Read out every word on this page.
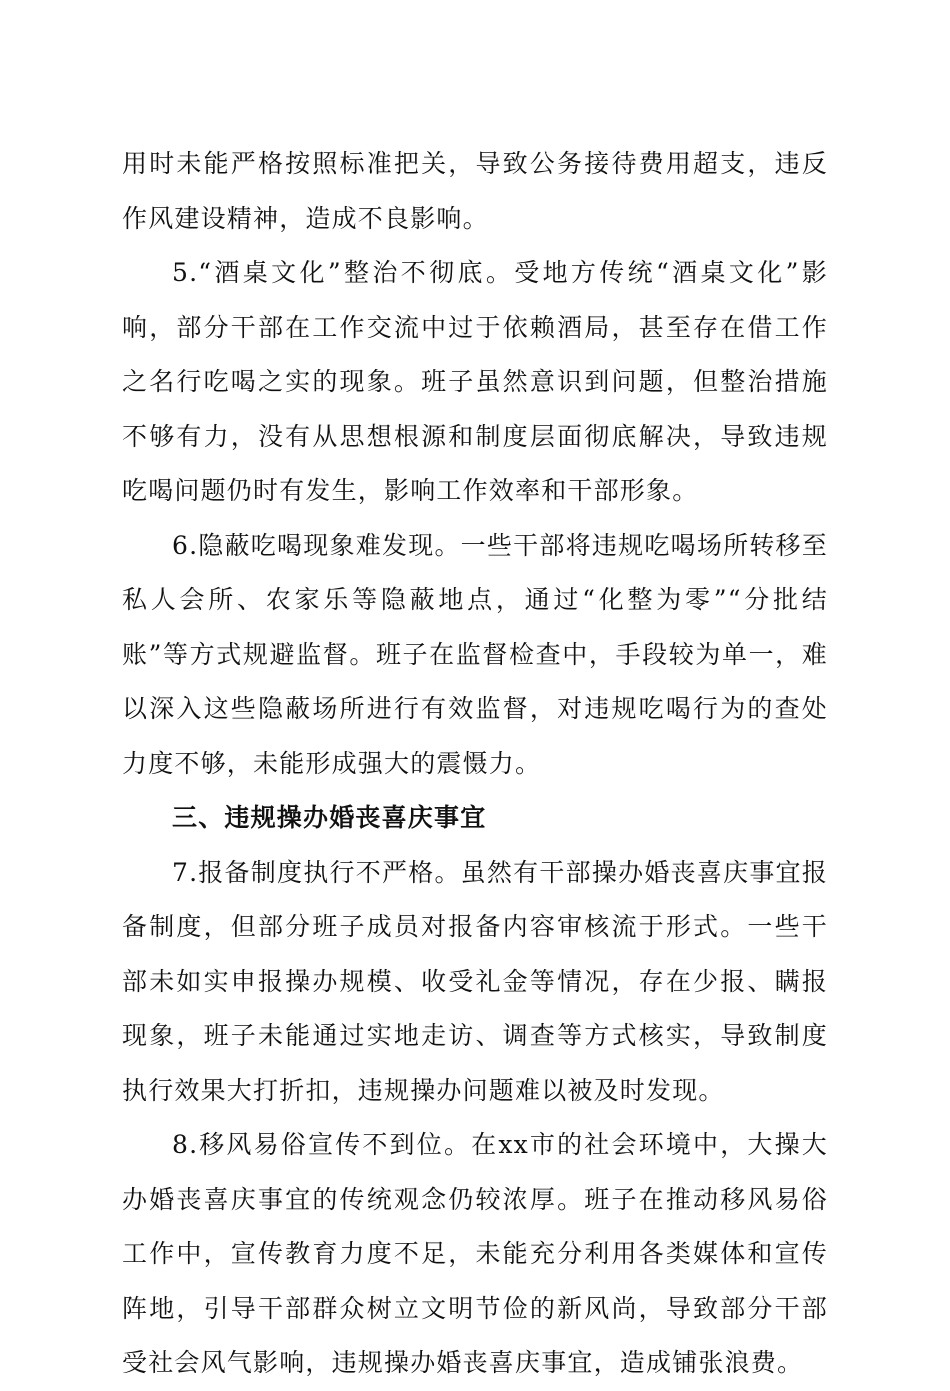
用时未能严格按照标准把关，导致公务接待费用超支，违反作风建设精神，造成不良影响。

5.“酒桌文化”整治不彻底。受地方传统“酒桌文化”影响，部分干部在工作交流中过于依赖酒局，甚至存在借工作之名行吃喝之实的现象。班子虽然意识到问题，但整治措施不够有力，没有从思想根源和制度层面彻底解决，导致违规吃喝问题仍时有发生，影响工作效率和干部形象。

6.隐蔽吃喝现象难发现。一些干部将违规吃喝场所转移至私人会所、农家乐等隐蔽地点，通过“化整为零”“分批结账”等方式规避监督。班子在监督检查中，手段较为单一，难以深入这些隐蔽场所进行有效监督，对违规吃喝行为的查处力度不够，未能形成强大的震慑力。

三、违规操办婚丧喜庆事宜

7.报备制度执行不严格。虽然有干部操办婚丧喜庆事宜报备制度，但部分班子成员对报备内容审核流于形式。一些干部未如实申报操办规模、收受礼金等情况，存在少报、瞒报现象，班子未能通过实地走访、调查等方式核实，导致制度执行效果大打折扣，违规操办问题难以被及时发现。

8.移风易俗宣传不到位。在xx市的社会环境中，大操大办婚丧喜庆事宜的传统观念仍较浓厚。班子在推动移风易俗工作中，宣传教育力度不足，未能充分利用各类媒体和宣传阵地，引导干部群众树立文明节俭的新风尚，导致部分干部受社会风气影响，违规操办婚丧喜庆事宜，造成铺张浪费。
